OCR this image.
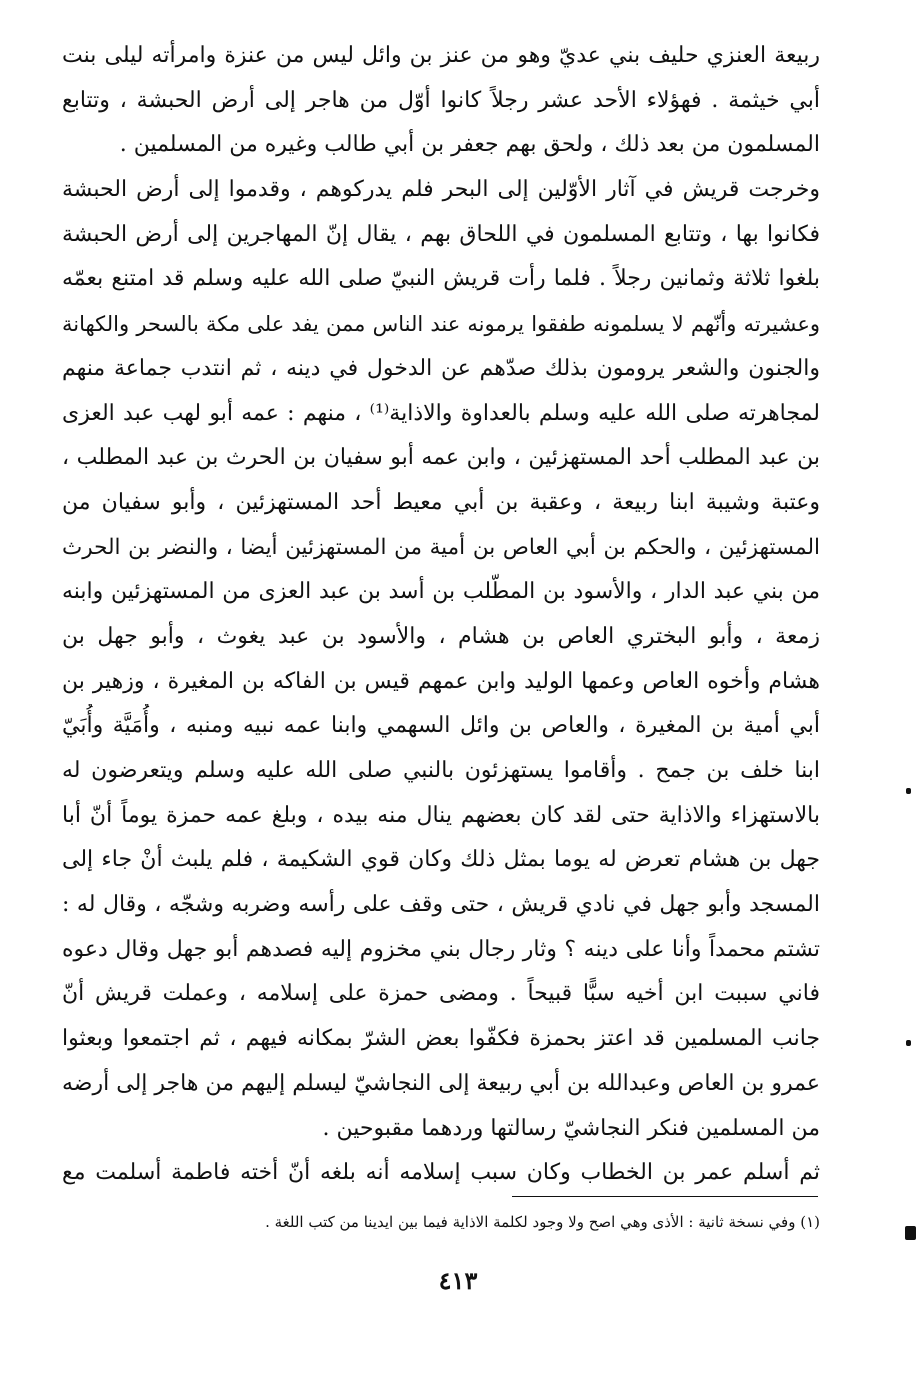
ربيعة العنزي حليف بني عديّ وهو من عنز بن وائل ليس من عنزة وامرأته ليلى بنت
أبي خيثمة . فهؤلاء الأحد عشر رجلاً كانوا أوّل من هاجر إلى أرض الحبشة ، وتتابع
المسلمون من بعد ذلك ، ولحق بهم جعفر بن أبي طالب وغيره من المسلمين .
وخرجت قريش في آثار الأوّلين إلى البحر فلم يدركوهم ، وقدموا إلى أرض الحبشة
فكانوا بها ، وتتابع المسلمون في اللحاق بهم ، يقال إنّ المهاجرين إلى أرض الحبشة
بلغوا ثلاثة وثمانين رجلاً . فلما رأت قريش النبيّ صلى الله عليه وسلم قد امتنع بعمّه
وعشيرته وأنّهم لا يسلمونه طفقوا يرمونه عند الناس ممن يفد على مكة بالسحر والكهانة
والجنون والشعر يرومون بذلك صدّهم عن الدخول في دينه ، ثم انتدب جماعة منهم
لمجاهرته صلى الله عليه وسلم بالعداوة والاذاية⁽¹⁾ ، منهم : عمه أبو لهب عبد العزى
بن عبد المطلب أحد المستهزئين ، وابن عمه أبو سفيان بن الحرث بن عبد المطلب ،
وعتبة وشيبة ابنا ربيعة ، وعقبة بن أبي معيط أحد المستهزئين ، وأبو سفيان من
المستهزئين ، والحكم بن أبي العاص بن أمية من المستهزئين أيضا ، والنضر بن الحرث
من بني عبد الدار ، والأسود بن المطّلب بن أسد بن عبد العزى من المستهزئين وابنه
زمعة ، وأبو البختري العاص بن هشام ، والأسود بن عبد يغوث ، وأبو جهل بن
هشام وأخوه العاص وعمها الوليد وابن عمهم قيس بن الفاكه بن المغيرة ، وزهير بن
أبي أمية بن المغيرة ، والعاص بن وائل السهمي وابنا عمه نبيه ومنبه ، وأُمَيَّة وأُبَيّ
ابنا خلف بن جمح . وأقاموا يستهزئون بالنبي صلى الله عليه وسلم ويتعرضون له
بالاستهزاء والاذاية حتى لقد كان بعضهم ينال منه بيده ، وبلغ عمه حمزة يوماً أنّ أبا
جهل بن هشام تعرض له يوما بمثل ذلك وكان قوي الشكيمة ، فلم يلبث أنْ جاء إلى
المسجد وأبو جهل في نادي قريش ، حتى وقف على رأسه وضربه وشجّه ، وقال له :
تشتم محمداً وأنا على دينه ؟ وثار رجال بني مخزوم إليه فصدهم أبو جهل وقال دعوه
فاني سببت ابن أخيه سبًّا قبيحاً . ومضى حمزة على إسلامه ، وعملت قريش أنّ
جانب المسلمين قد اعتز بحمزة فكفّوا بعض الشرّ بمكانه فيهم ، ثم اجتمعوا وبعثوا
عمرو بن العاص وعبدالله بن أبي ربيعة إلى النجاشيّ ليسلم إليهم من هاجر إلى أرضه
من المسلمين فنكر النجاشيّ رسالتها وردهما مقبوحين .
ثم أسلم عمر بن الخطاب وكان سبب إسلامه أنه بلغه أنّ أخته فاطمة أسلمت مع
(١) وفي نسخة ثانية : الأذى وهي اصح ولا وجود لكلمة الاذاية فيما بين ايدينا من كتب اللغة .
٤١٣
